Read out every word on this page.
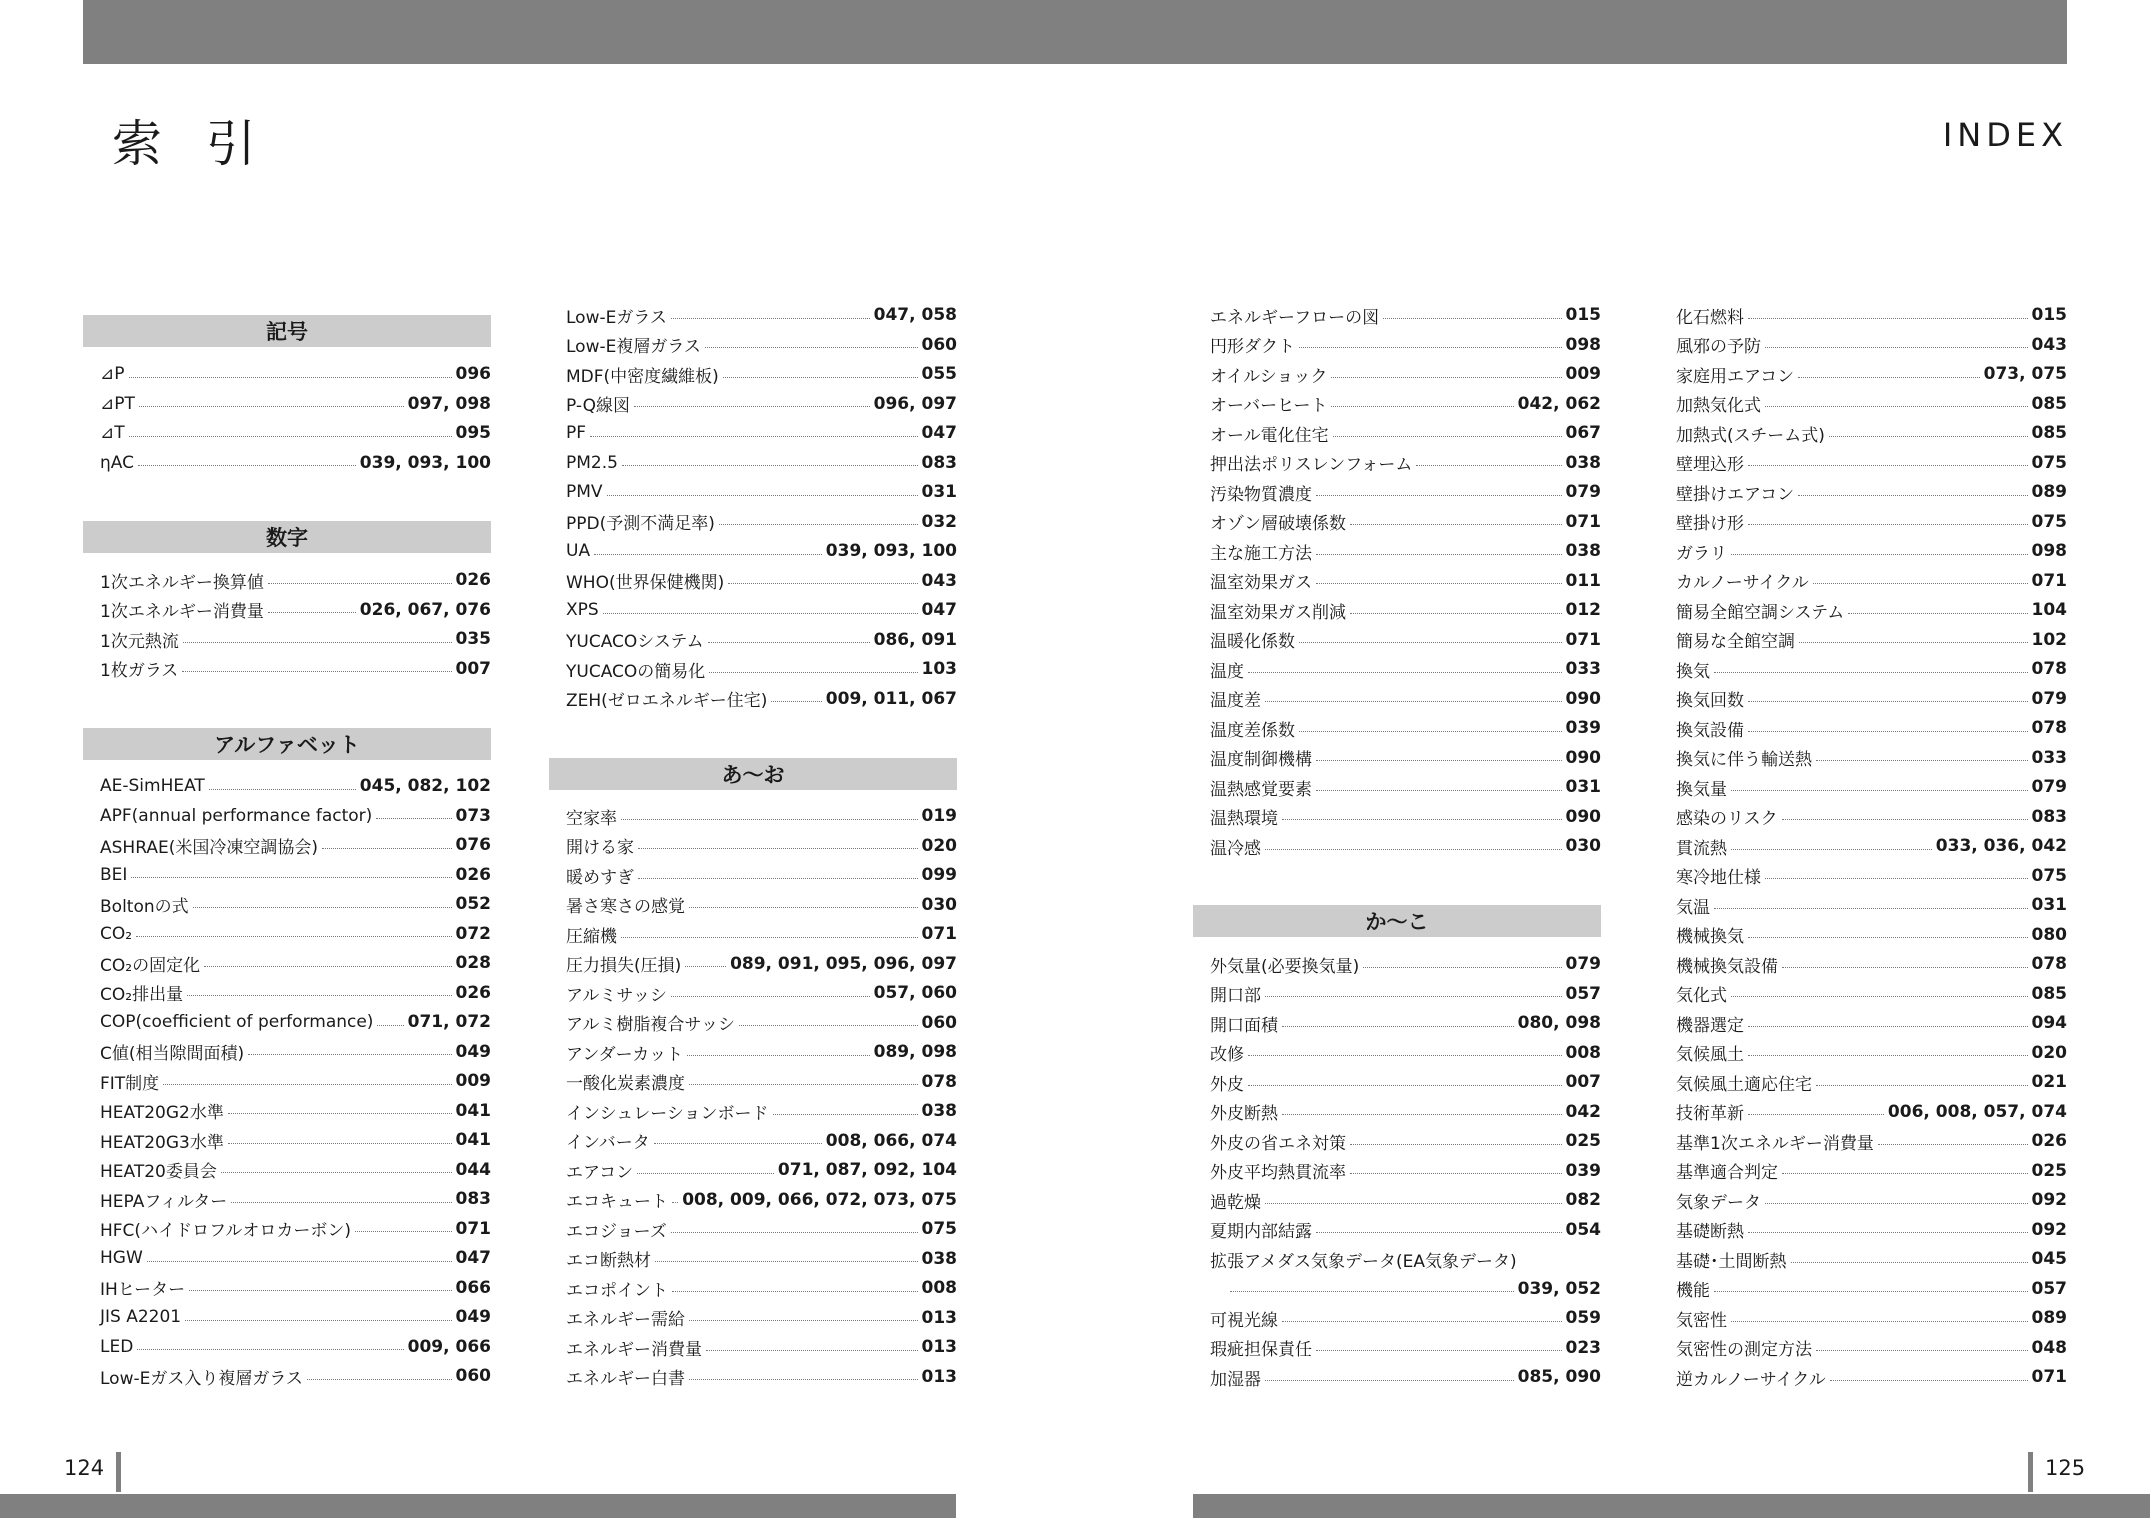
索 引	INDEX
記号
⊿P	096
⊿PT	097, 098
⊿T	095
ηAC	039, 093, 100
数字
1次エネルギー換算値	026
1次エネルギー消費量	026, 067, 076
1次元熱流	035
1枚ガラス	007
アルファベット
AE-SimHEAT	045, 082, 102
APF(annual performance factor)	073
ASHRAE(米国冷凍空調協会)	076
BEI	026
Boltonの式	052
CO₂	072
CO₂の固定化	028
CO₂排出量	026
COP(coefficient of performance) 071, 072
C値(相当隙間面積)	049
FIT制度	009
HEAT20G2水準	041
HEAT20G3水準	041
HEAT20委員会	044
HEPAフィルター	083
HFC(ハイドロフルオロカーボン)	071
HGW	047
IHヒーター	066
JIS A2201	049
LED	009, 066
Low-Eガス入り複層ガラス	060
Low-Eガラス	047, 058
Low-E複層ガラス	060
MDF(中密度繊維板)	055
P-Q線図	096, 097
PF	047
PM2.5	083
PMV	031
PPD(予測不満足率)	032
UA	039, 093, 100
WHO(世界保健機関)	043
XPS	047
YUCACOシステム	086, 091
YUCACOの簡易化	103
ZEH(ゼロエネルギー住宅)	009, 011, 067
あ～お
空家率	019
開ける家	020
暖めすぎ	099
暑さ寒さの感覚	030
圧縮機	071
圧力損失(圧損)	089, 091, 095, 096, 097
アルミサッシ	057, 060
アルミ樹脂複合サッシ	060
アンダーカット	089, 098
一酸化炭素濃度	078
インシュレーションボード	038
インバータ	008, 066, 074
エアコン	071, 087, 092, 104
エコキュート 008, 009, 066, 072, 073, 075
エコジョーズ	075
エコ断熱材	038
エコポイント	008
エネルギー需給	013
エネルギー消費量	013
エネルギー白書	013
エネルギーフローの図	015
円形ダクト	098
オイルショック	009
オーバーヒート	042, 062
オール電化住宅	067
押出法ポリスレンフォーム	038
汚染物質濃度	079
オゾン層破壊係数	071
主な施工方法	038
温室効果ガス	011
温室効果ガス削減	012
温暖化係数	071
温度	033
温度差	090
温度差係数	039
温度制御機構	090
温熱感覚要素	031
温熱環境	090
温冷感	030
か～こ
外気量(必要換気量)	079
開口部	057
開口面積	080, 098
改修	008
外皮	007
外皮断熱	042
外皮の省エネ対策	025
外皮平均熱貫流率	039
過乾燥	082
夏期内部結露	054
拡張アメダス気象データ(EA気象データ)
039, 052
可視光線	059
瑕疵担保責任	023
加湿器	085, 090
化石燃料	015
風邪の予防	043
家庭用エアコン	073, 075
加熱気化式	085
加熱式(スチーム式)	085
壁埋込形	075
壁掛けエアコン	089
壁掛け形	075
ガラリ	098
カルノーサイクル	071
簡易全館空調システム	104
簡易な全館空調	102
換気	078
換気回数	079
換気設備	078
換気に伴う輸送熱	033
換気量	079
感染のリスク	083
貫流熱	033, 036, 042
寒冷地仕様	075
気温	031
機械換気	080
機械換気設備	078
気化式	085
機器選定	094
気候風土	020
気候風土適応住宅	021
技術革新	006, 008, 057, 074
基準1次エネルギー消費量	026
基準適合判定	025
気象データ	092
基礎断熱	092
基礎･土間断熱	045
機能	057
気密性	089
気密性の測定方法	048
逆カルノーサイクル	071
124	125
